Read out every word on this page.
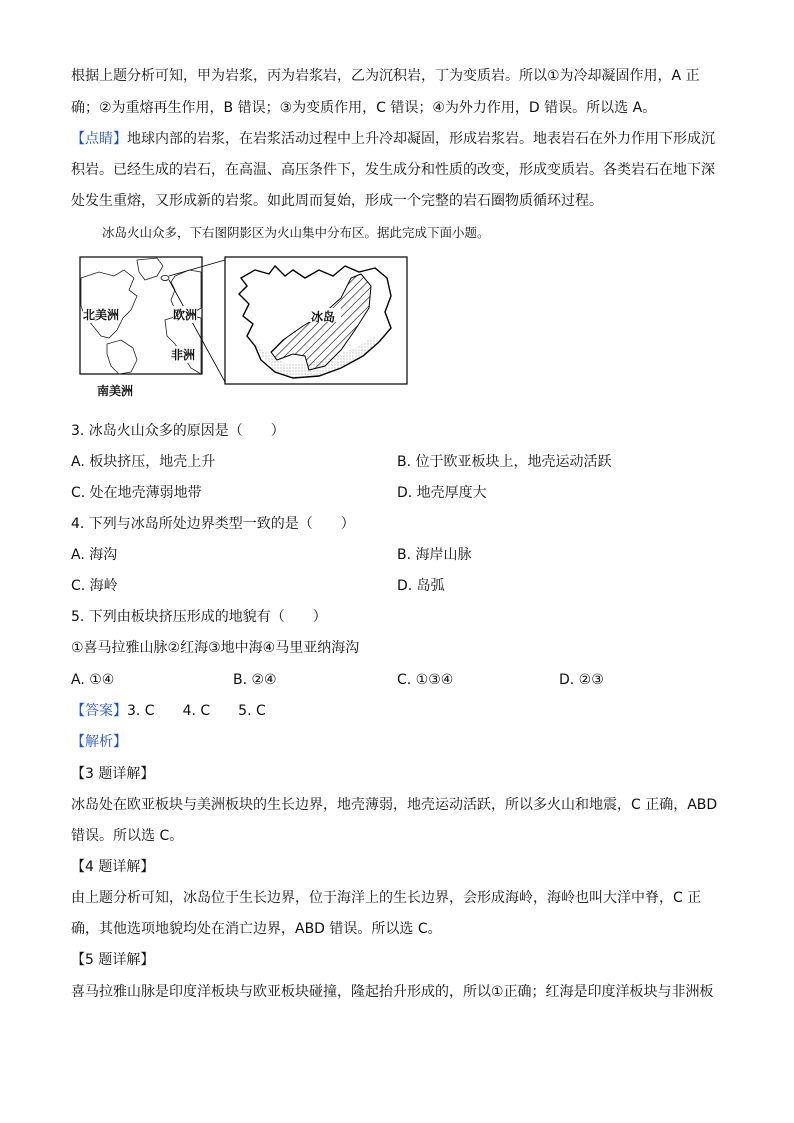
根据上题分析可知，甲为岩浆，丙为岩浆岩，乙为沉积岩，丁为变质岩。所以①为冷却凝固作用，A 正
确；②为重熔再生作用，B 错误；③为变质作用，C 错误；④为外力作用，D 错误。所以选 A。
【点睛】地球内部的岩浆，在岩浆活动过程中上升冷却凝固，形成岩浆岩。地表岩石在外力作用下形成沉
积岩。已经生成的岩石，在高温、高压条件下，发生成分和性质的改变，形成变质岩。各类岩石在地下深
处发生重熔，又形成新的岩浆。如此周而复始，形成一个完整的岩石圈物质循环过程。
冰岛火山众多，下右图阴影区为火山集中分布区。据此完成下面小题。
北美洲	欧洲
非洲
南美洲
冰岛
3. 冰岛火山众多的原因是（　　）
A. 板块挤压，地壳上升	B. 位于欧亚板块上，地壳运动活跃
C. 处在地壳薄弱地带	D. 地壳厚度大
4. 下列与冰岛所处边界类型一致的是（　　）
A. 海沟	B. 海岸山脉
C. 海岭	D. 岛弧
5. 下列由板块挤压形成的地貌有（　　）
①喜马拉雅山脉②红海③地中海④马里亚纳海沟
A. ①④	B. ②④	C. ①③④	D. ②③
【答案】3. C　　4. C　　5. C
【解析】
【3 题详解】
冰岛处在欧亚板块与美洲板块的生长边界，地壳薄弱，地壳运动活跃，所以多火山和地震，C 正确，ABD
错误。所以选 C。
【4 题详解】
由上题分析可知，冰岛位于生长边界，位于海洋上的生长边界，会形成海岭，海岭也叫大洋中脊，C 正
确，其他选项地貌均处在消亡边界，ABD 错误。所以选 C。
【5 题详解】
喜马拉雅山脉是印度洋板块与欧亚板块碰撞，隆起抬升形成的，所以①正确；红海是印度洋板块与非洲板
